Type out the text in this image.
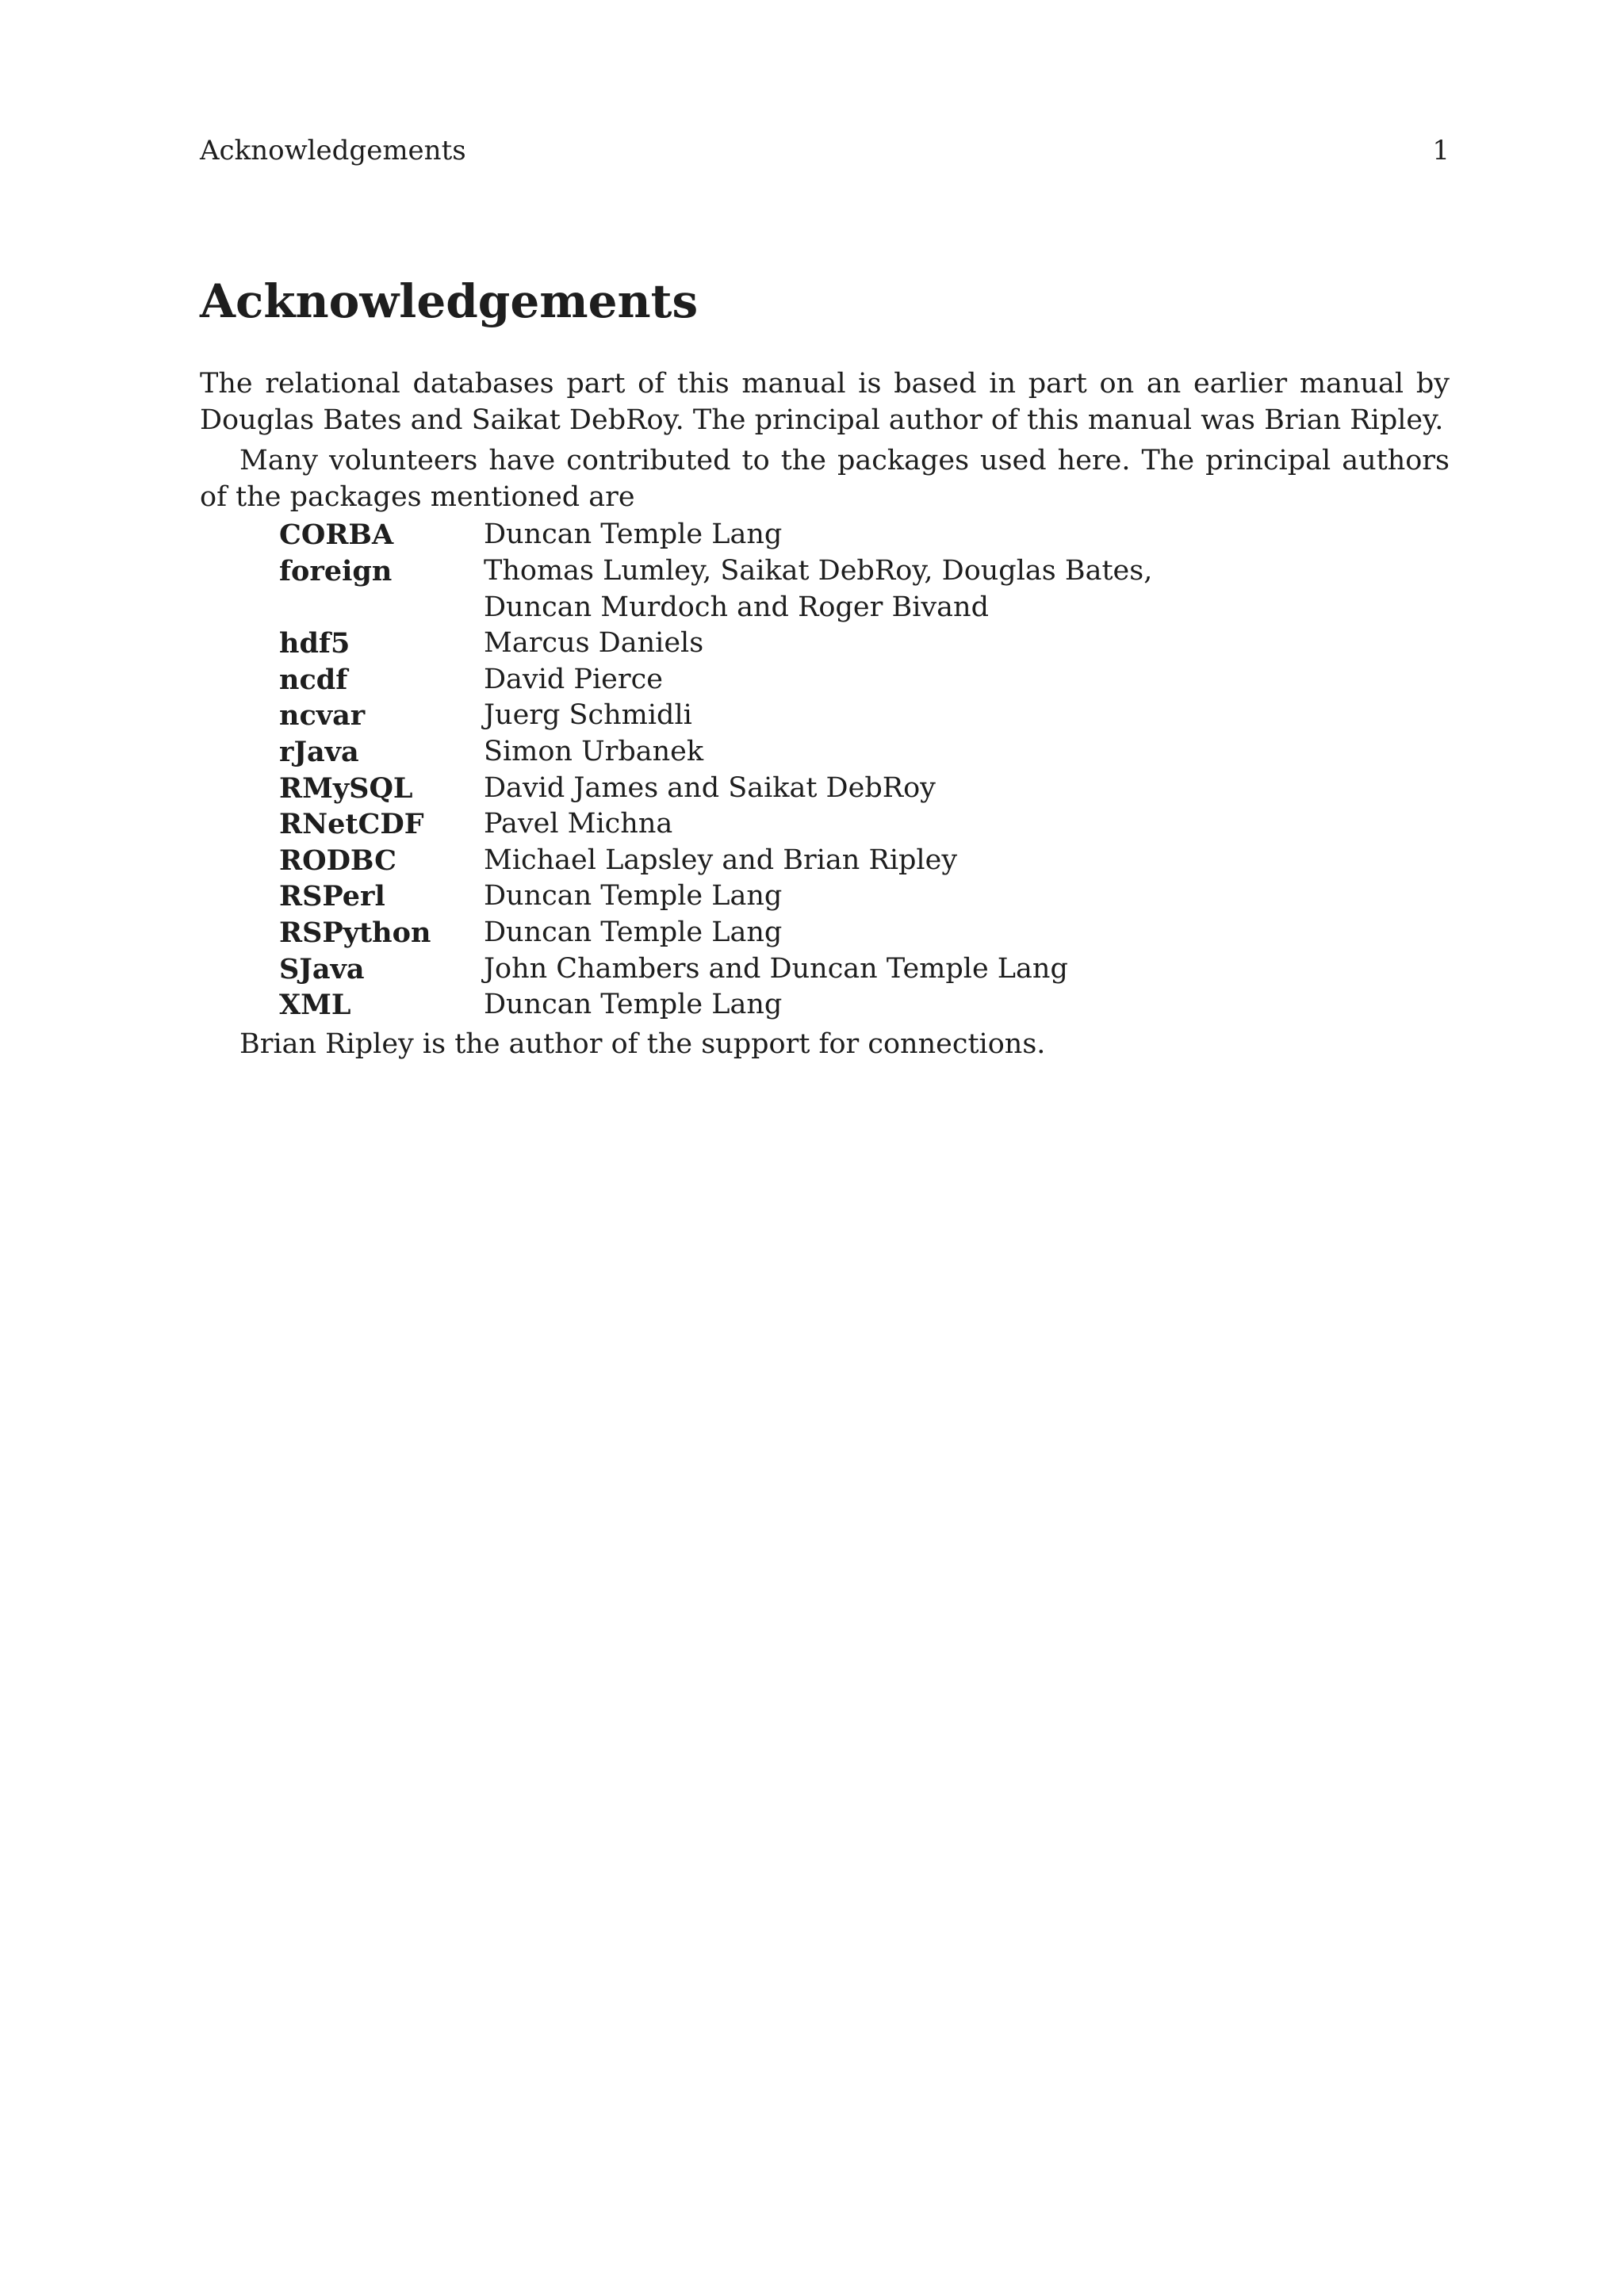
Acknowledgements	1
Acknowledgements

The relational databases part of this manual is based in part on an earlier manual by Douglas Bates and Saikat DebRoy. The principal author of this manual was Brian Ripley.

Many volunteers have contributed to the packages used here. The principal authors of the packages mentioned are

CORBA	Duncan Temple Lang
foreign	Thomas Lumley, Saikat DebRoy, Douglas Bates, Duncan Murdoch and Roger Bivand
hdf5	Marcus Daniels
ncdf	David Pierce
ncvar	Juerg Schmidli
rJava	Simon Urbanek
RMySQL	David James and Saikat DebRoy
RNetCDF	Pavel Michna
RODBC	Michael Lapsley and Brian Ripley
RSPerl	Duncan Temple Lang
RSPython	Duncan Temple Lang
SJava	John Chambers and Duncan Temple Lang
XML	Duncan Temple Lang

Brian Ripley is the author of the support for connections.
